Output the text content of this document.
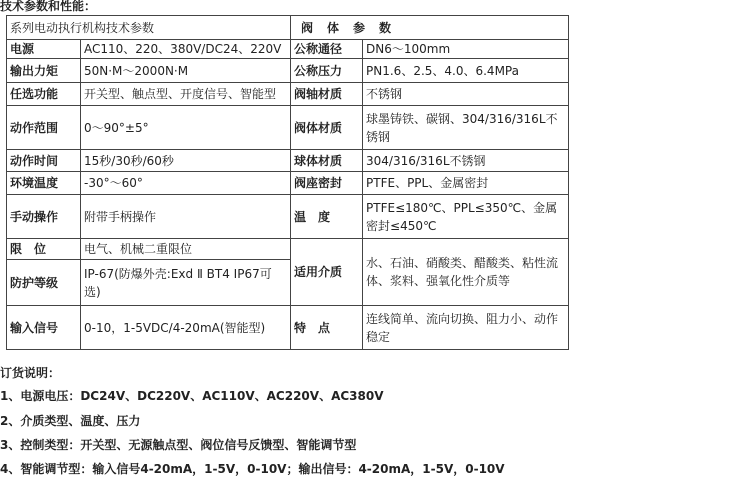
技术参数和性能：
系列电动执行机构技术参数		阀体参数	
电源	AC110、220、380V/DC24、220V	公称通径	DN6～100mm
输出力矩	50N·M～2000N·M	公称压力	PN1.6、2.5、4.0、6.4MPa
任选功能	开关型、触点型、开度信号、智能型	阀轴材质	不锈钢
动作范围	0～90°±5°	阀体材质	球墨铸铁、碳钢、304/316/316L不锈钢
动作时间	15秒/30秒/60秒	球体材质	304/316/316L不锈钢
环境温度	-30°～60°	阀座密封	PTFE、PPL、金属密封
手动操作	附带手柄操作	温　度	PTFE≤180℃、PPL≤350℃、金属密封≤450℃
限　位	电气、机械二重限位	适用介质	水、石油、硝酸类、醋酸类、粘性流体、浆料、强氧化性介质等
防护等级	IP-67(防爆外壳:Exd Ⅱ BT4 IP67可选)		
输入信号	0-10，1-5VDC/4-20mA(智能型)	特　点	连线简单、流向切换、阻力小、动作稳定
订货说明：
1、电源电压：DC24V、DC220V、AC110V、AC220V、AC380V
2、介质类型、温度、压力
3、控制类型：开关型、无源触点型、阀位信号反馈型、智能调节型
4、智能调节型：输入信号4-20mA，1-5V，0-10V；输出信号：4-20mA，1-5V，0-10V
